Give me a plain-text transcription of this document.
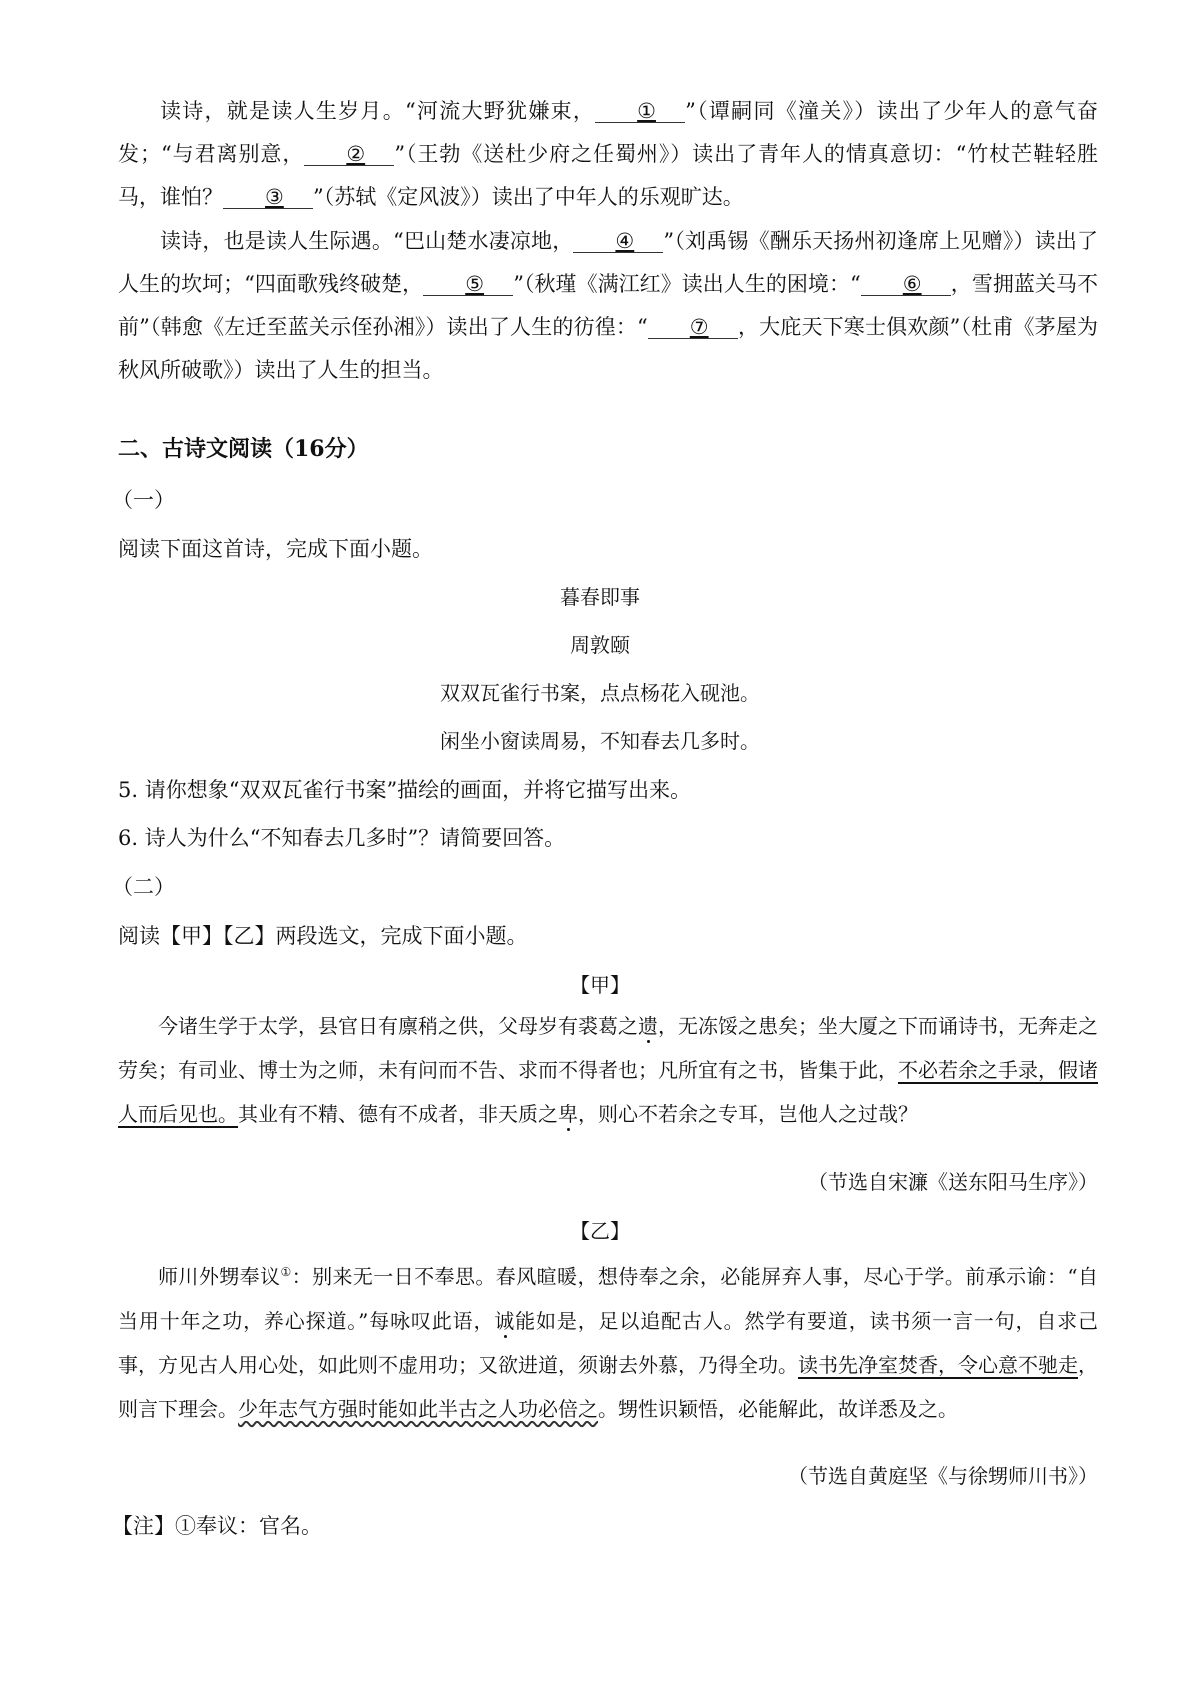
读诗，就是读人生岁月。“河流大野犹嫌束， ① ”（谭嗣同《潼关》）读出了少年人的意气奋发；“与君离别意， ② ”（王勃《送杜少府之任蜀州》）读出了青年人的情真意切：“竹杖芒鞋轻胜马，谁怕？ ③ ”（苏轼《定风波》）读出了中年人的乐观旷达。

读诗，也是读人生际遇。“巴山楚水凄凉地， ④ ”（刘禹锡《酬乐天扬州初逢席上见赠》）读出了人生的坎坷；“四面歌残终破楚， ⑤ ”（秋瑾《满江红》读出人生的困境：“ ⑥ ，雪拥蓝关马不前”（韩愈《左迁至蓝关示侄孙湘》）读出了人生的彷徨：“ ⑦ ，大庇天下寒士俱欢颜”（杜甫《茅屋为秋风所破歌》）读出了人生的担当。

二、古诗文阅读（16分）

（一）

阅读下面这首诗，完成下面小题。

暮春即事

周敦颐

双双瓦雀行书案，点点杨花入砚池。

闲坐小窗读周易，不知春去几多时。

5. 请你想象“双双瓦雀行书案”描绘的画面，并将它描写出来。

6. 诗人为什么“不知春去几多时”？请简要回答。

（二）

阅读【甲】【乙】两段选文，完成下面小题。

【甲】

今诸生学于太学，县官日有廪稍之供，父母岁有裘葛之遗，无冻馁之患矣；坐大厦之下而诵诗书，无奔走之劳矣；有司业、博士为之师，未有问而不告、求而不得者也；凡所宜有之书，皆集于此，不必若余之手录，假诸人而后见也。其业有不精、德有不成者，非天质之卑，则心不若余之专耳，岂他人之过哉？

（节选自宋濂《送东阳马生序》）

【乙】

师川外甥奉议①：别来无一日不奉思。春风暄暖，想侍奉之余，必能屏弃人事，尽心于学。前承示谕：“自当用十年之功，养心探道。”每咏叹此语，诚能如是，足以追配古人。然学有要道，读书须一言一句，自求己事，方见古人用心处，如此则不虚用功；又欲进道，须谢去外慕，乃得全功。读书先净室焚香，令心意不驰走，则言下理会。少年志气方强时能如此半古之人功必倍之。甥性识颖悟，必能解此，故详悉及之。

（节选自黄庭坚《与徐甥师川书》）

【注】①奉议：官名。
